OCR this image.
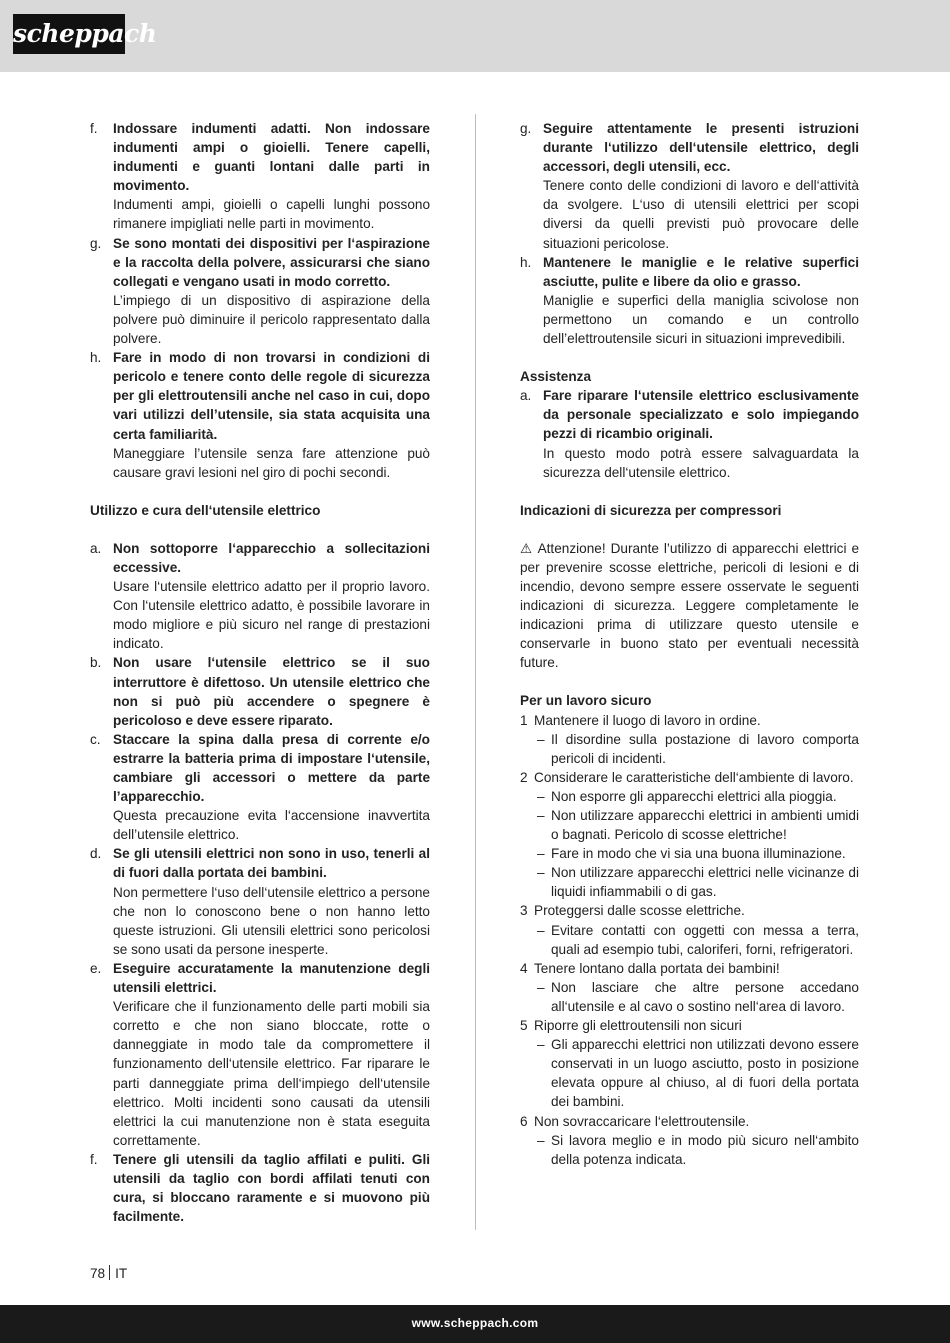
scheppach
f. Indossare indumenti adatti. Non indossare indumenti ampi o gioielli. Tenere capelli, indumenti e guanti lontani dalle parti in movimento.
Indumenti ampi, gioielli o capelli lunghi possono rimanere impigliati nelle parti in movimento.
g. Se sono montati dei dispositivi per l‘aspirazione e la raccolta della polvere, assicurarsi che siano collegati e vengano usati in modo corretto.
L’impiego di un dispositivo di aspirazione della polvere può diminuire il pericolo rappresentato dalla polvere.
h. Fare in modo di non trovarsi in condizioni di pericolo e tenere conto delle regole di sicurezza per gli elettroutensili anche nel caso in cui, dopo vari utilizzi dell’utensile, sia stata acquisita una certa familiarità.
Maneggiare l’utensile senza fare attenzione può causare gravi lesioni nel giro di pochi secondi.
Utilizzo e cura dell‘utensile elettrico
a. Non sottoporre l‘apparecchio a sollecitazioni eccessive.
Usare l‘utensile elettrico adatto per il proprio lavoro. Con l‘utensile elettrico adatto, è possibile lavorare in modo migliore e più sicuro nel range di prestazioni indicato.
b. Non usare l‘utensile elettrico se il suo interruttore è difettoso. Un utensile elettrico che non si può più accendere o spegnere è pericoloso e deve essere riparato.
c. Staccare la spina dalla presa di corrente e/o estrarre la batteria prima di impostare l‘utensile, cambiare gli accessori o mettere da parte l’apparecchio.
Questa precauzione evita l‘accensione inavvertita dell’utensile elettrico.
d. Se gli utensili elettrici non sono in uso, tenerli al di fuori dalla portata dei bambini.
Non permettere l‘uso dell‘utensile elettrico a persone che non lo conoscono bene o non hanno letto queste istruzioni. Gli utensili elettrici sono pericolosi se sono usati da persone inesperte.
e. Eseguire accuratamente la manutenzione degli utensili elettrici.
Verificare che il funzionamento delle parti mobili sia corretto e che non siano bloccate, rotte o danneggiate in modo tale da compromettere il funzionamento dell‘utensile elettrico. Far riparare le parti danneggiate prima dell‘impiego dell‘utensile elettrico. Molti incidenti sono causati da utensili elettrici la cui manutenzione non è stata eseguita correttamente.
f. Tenere gli utensili da taglio affilati e puliti. Gli utensili da taglio con bordi affilati tenuti con cura, si bloccano raramente e si muovono più facilmente.
g. Seguire attentamente le presenti istruzioni durante l‘utilizzo dell‘utensile elettrico, degli accessori, degli utensili, ecc.
Tenere conto delle condizioni di lavoro e dell‘attività da svolgere. L‘uso di utensili elettrici per scopi diversi da quelli previsti può provocare delle situazioni pericolose.
h. Mantenere le maniglie e le relative superfici asciutte, pulite e libere da olio e grasso.
Maniglie e superfici della maniglia scivolose non permettono un comando e un controllo dell’elettroutensile sicuri in situazioni imprevedibili.
Assistenza
a. Fare riparare l‘utensile elettrico esclusivamente da personale specializzato e solo impiegando pezzi di ricambio originali.
In questo modo potrà essere salvaguardata la sicurezza dell‘utensile elettrico.
Indicazioni di sicurezza per compressori
⚠ Attenzione! Durante l’utilizzo di apparecchi elettrici e per prevenire scosse elettriche, pericoli di lesioni e di incendio, devono sempre essere osservate le seguenti indicazioni di sicurezza. Leggere completamente le indicazioni prima di utilizzare questo utensile e conservarle in buono stato per eventuali necessità future.
Per un lavoro sicuro
1 Mantenere il luogo di lavoro in ordine.
– Il disordine sulla postazione di lavoro comporta pericoli di incidenti.
2 Considerare le caratteristiche dell‘ambiente di lavoro.
– Non esporre gli apparecchi elettrici alla pioggia.
– Non utilizzare apparecchi elettrici in ambienti umidi o bagnati. Pericolo di scosse elettriche!
– Fare in modo che vi sia una buona illuminazione.
– Non utilizzare apparecchi elettrici nelle vicinanze di liquidi infiammabili o di gas.
3 Proteggersi dalle scosse elettriche.
– Evitare contatti con oggetti con messa a terra, quali ad esempio tubi, caloriferi, forni, refrigeratori.
4 Tenere lontano dalla portata dei bambini!
– Non lasciare che altre persone accedano all‘utensile e al cavo o sostino nell‘area di lavoro.
5 Riporre gli elettroutensili non sicuri
– Gli apparecchi elettrici non utilizzati devono essere conservati in un luogo asciutto, posto in posizione elevata oppure al chiuso, al di fuori della portata dei bambini.
6 Non sovraccaricare l‘elettroutensile.
– Si lavora meglio e in modo più sicuro nell‘ambito della potenza indicata.
78 IT
www.scheppach.com
